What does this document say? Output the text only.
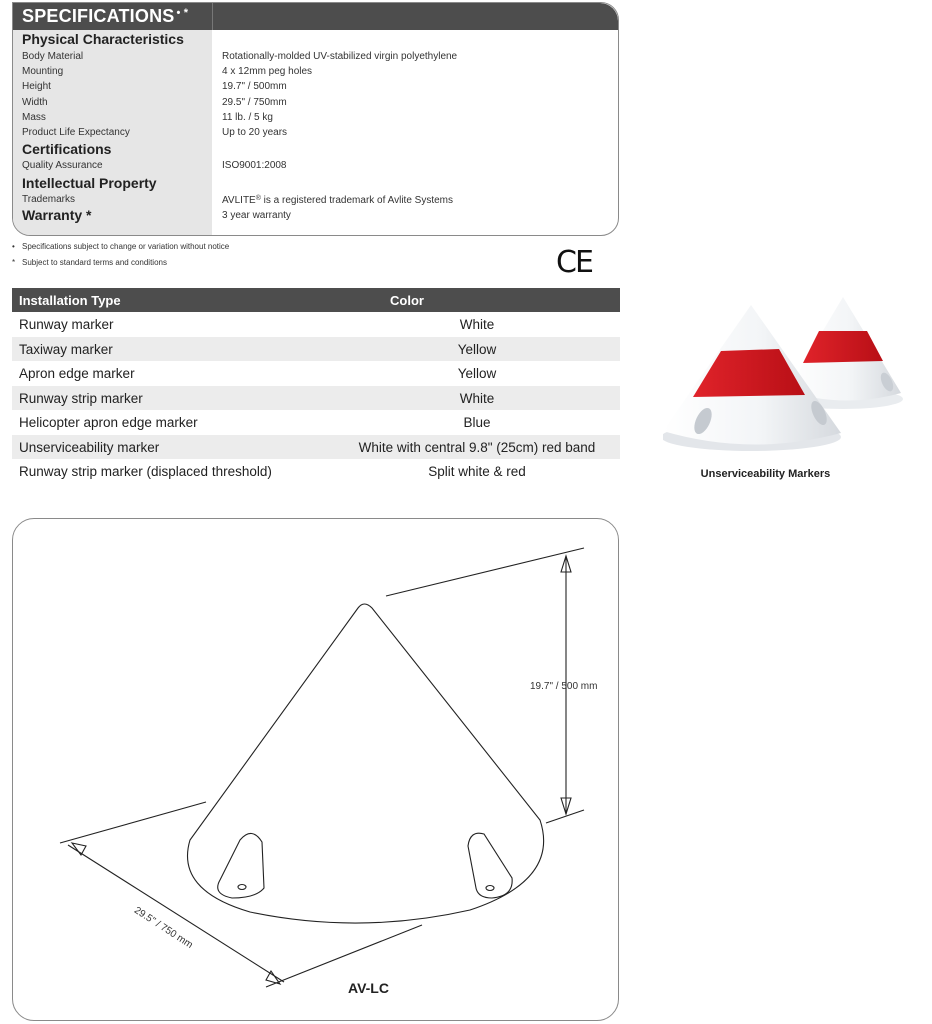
SPECIFICATIONS • *
Physical Characteristics
Body Material	Rotationally-molded UV-stabilized virgin polyethylene
Mounting	4 x 12mm peg holes
Height	19.7" / 500mm
Width	29.5" / 750mm
Mass	11 lb. / 5 kg
Product Life Expectancy	Up to 20 years
Certifications
Quality Assurance	ISO9001:2008
Intellectual Property
Trademarks	AVLITE® is a registered trademark of Avlite Systems
Warranty *	3 year warranty
• Specifications subject to change or variation without notice
* Subject to standard terms and conditions	CE
Installation Type	Color
Runway marker	White
Taxiway marker	Yellow
Apron edge marker	Yellow
Runway strip marker	White
Helicopter apron edge marker	Blue
Unserviceability marker	White with central 9.8" (25cm) red band
Runway strip marker (displaced threshold)	Split white & red	Unserviceability Markers
19.7" / 500 mm
29.5" / 750 mm
AV-LC
